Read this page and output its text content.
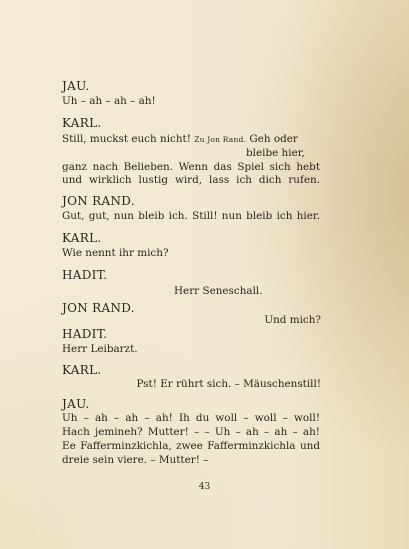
JAU.
Uh – ah – ah – ah!
KARL.
Still, muckst euch nicht! Zu Jon Rand. Geh oder
bleibe hier,
ganz nach Belieben. Wenn das Spiel sich hebt
und wirklich lustig wird, lass ich dich rufen.
JON RAND.
Gut, gut, nun bleib ich. Still! nun bleib ich hier.
KARL.
Wie nennt ihr mich?
HADIT.
Herr Seneschall.
JON RAND.
Und mich?
HADIT.
Herr Leibarzt.
KARL.
Pst! Er rührt sich. – Mäuschenstill!
JAU.
Uh – ah – ah – ah! Ih du woll – woll – woll!
Hach jemineh? Mutter! – – Uh – ah – ah – ah!
Ee Fafferminzkichla, zwee Fafferminzkichla und
dreie sein viere. – Mutter! –
43
